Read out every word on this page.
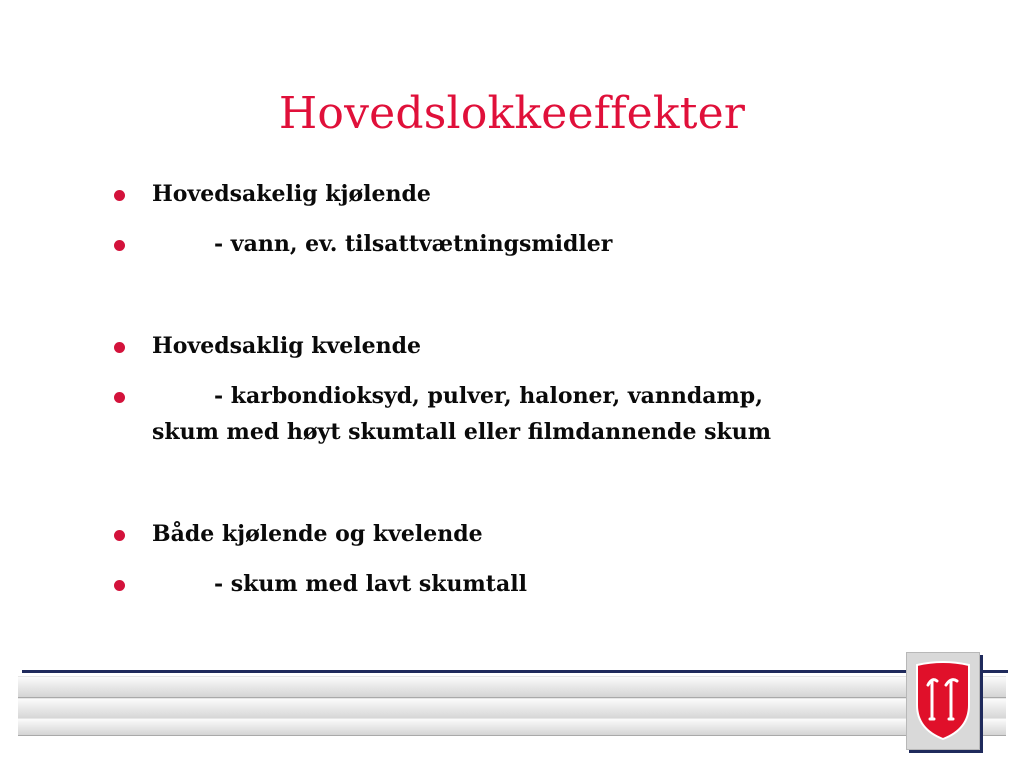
Hovedslokkeeffekter
Hovedsakelig kjølende
- vann, ev. tilsattvætningsmidler
Hovedsaklig kvelende
- karbondioksyd, pulver, haloner, vanndamp,
skum med høyt skumtall eller filmdannende skum
Både kjølende og kvelende
- skum med lavt skumtall
